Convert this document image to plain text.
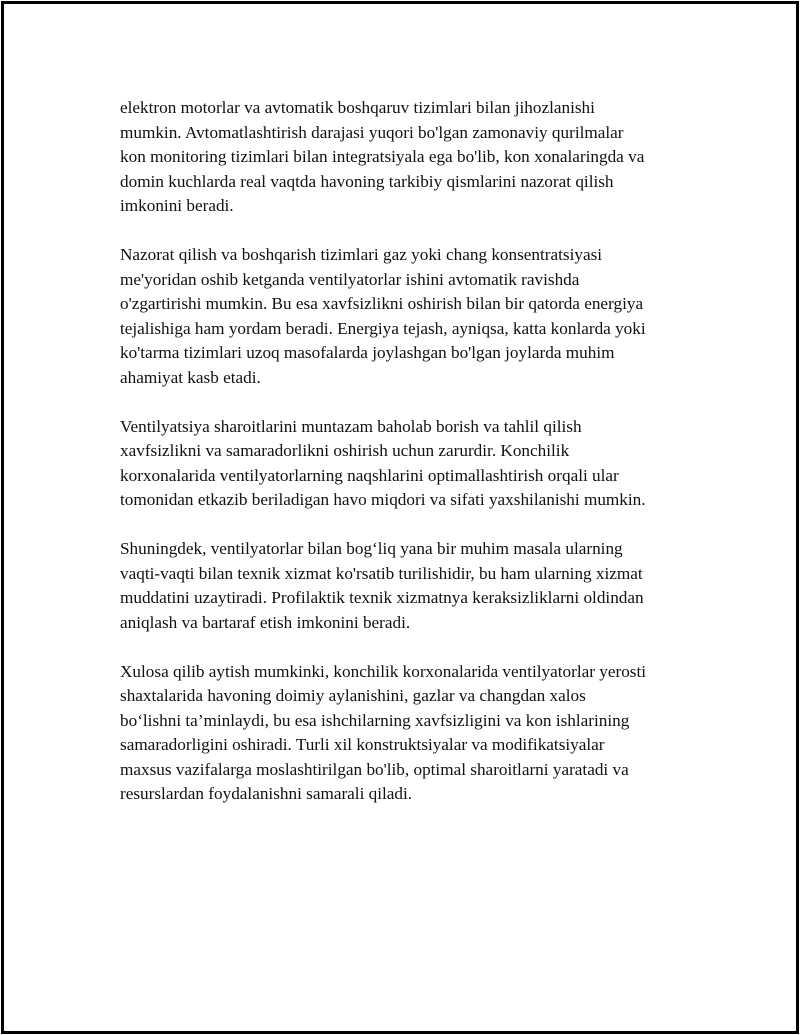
elektron motorlar va avtomatik boshqaruv tizimlari bilan jihozlanishi
mumkin. Avtomatlashtirish darajasi yuqori bo'lgan zamonaviy qurilmalar
kon monitoring tizimlari bilan integratsiyala ega bo'lib, kon xonalaringda va
domin kuchlarda real vaqtda havoning tarkibiy qismlarini nazorat qilish
imkonini beradi.

Nazorat qilish va boshqarish tizimlari gaz yoki chang konsentratsiyasi
me'yoridan oshib ketganda ventilyatorlar ishini avtomatik ravishda
o'zgartirishi mumkin. Bu esa xavfsizlikni oshirish bilan bir qatorda energiya
tejalishiga ham yordam beradi. Energiya tejash, ayniqsa, katta konlarda yoki
ko'tarma tizimlari uzoq masofalarda joylashgan bo'lgan joylarda muhim
ahamiyat kasb etadi.

Ventilyatsiya sharoitlarini muntazam baholab borish va tahlil qilish
xavfsizlikni va samaradorlikni oshirish uchun zarurdir. Konchilik
korxonalarida ventilyatorlarning naqshlarini optimallashtirish orqali ular
tomonidan etkazib beriladigan havo miqdori va sifati yaxshilanishi mumkin.

Shuningdek, ventilyatorlar bilan bog‘liq yana bir muhim masala ularning
vaqti-vaqti bilan texnik xizmat ko'rsatib turilishidir, bu ham ularning xizmat
muddatini uzaytiradi. Profilaktik texnik xizmatnya keraksizliklarni oldindan
aniqlash va bartaraf etish imkonini beradi.

Xulosa qilib aytish mumkinki, konchilik korxonalarida ventilyatorlar yerosti
shaxtalarida havoning doimiy aylanishini, gazlar va changdan xalos
bo‘lishni ta’minlaydi, bu esa ishchilarning xavfsizligini va kon ishlarining
samaradorligini oshiradi. Turli xil konstruktsiyalar va modifikatsiyalar
maxsus vazifalarga moslashtirilgan bo'lib, optimal sharoitlarni yaratadi va
resurslardan foydalanishni samarali qiladi.
